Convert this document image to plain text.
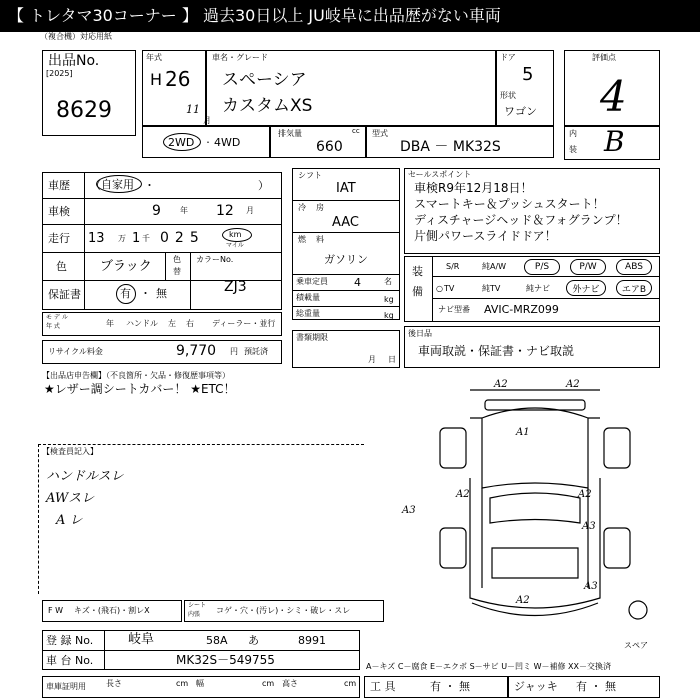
【 トレタマ30コーナー 】 過去30日以上 JU岐阜に出品歴がない車両
（複合機）対応用紙
出品No.
[2025]
8629
年式
H 26
11
月
車名・グレード
スペーシア
カスタムXS
ドア
5
形状
ワゴン
評価点
4
内
装 B
2WD ・ 4WD
排気量	cc
660
型式
DBA － MK32S
車歴 （ 自家用 ・	）
車検	9 年 12 月
走行 13 万 1 千 025	km
マイル
色	ブラック	色
替
カラーNo.
ZJ3
保証書	有 ・ 無
モ デ ル
年 式	年 ハンドル 左 右 ディーラー・並行
リサイクル料金	9,770 円 預託済
シフト
IAT
冷 房
AAC
燃 料
ガソリン
乗車定員 4	名
積載量	kg
総重量	kg
書類期限
月 日
セールスポイント
車検R9年12月18日！
スマートキー＆プッシュスタート！
ディスチャージヘッド＆フォグランプ！
片側パワースライドドア！
装
備
S/R	純A/W	P/S	P/W	ABS
○ TV	純TV	純ナビ	外ナビ	エアB
ナビ型番 AVIC-MRZ099
後日品
車両取説・保証書・ナビ取説
【出品店申告欄】（不良箇所・欠品・修復歴事項等）
★レザー調シートカバー！ ★ETC！
【検査員記入】
ハンドルスレ
AWスレ
A レ
A2	A2
A1
A2	A2
A3
A3
A3
A2
スペア
F W キズ・(飛石)・割レX
シート
内張 コゲ・穴・(汚レ)・シミ・破レ・スレ
登 録 No.	岐阜	58A あ	8991
車 台 No.	MK32S－549755	A－キズ C－腐食 E－エクボ S－サビ U－凹ミ W－補修 XX－交換済
車庫証明用	長さ	cm 幅	cm 高さ	cm 工 具	有 ・ 無	ジャッキ 有 ・ 無
